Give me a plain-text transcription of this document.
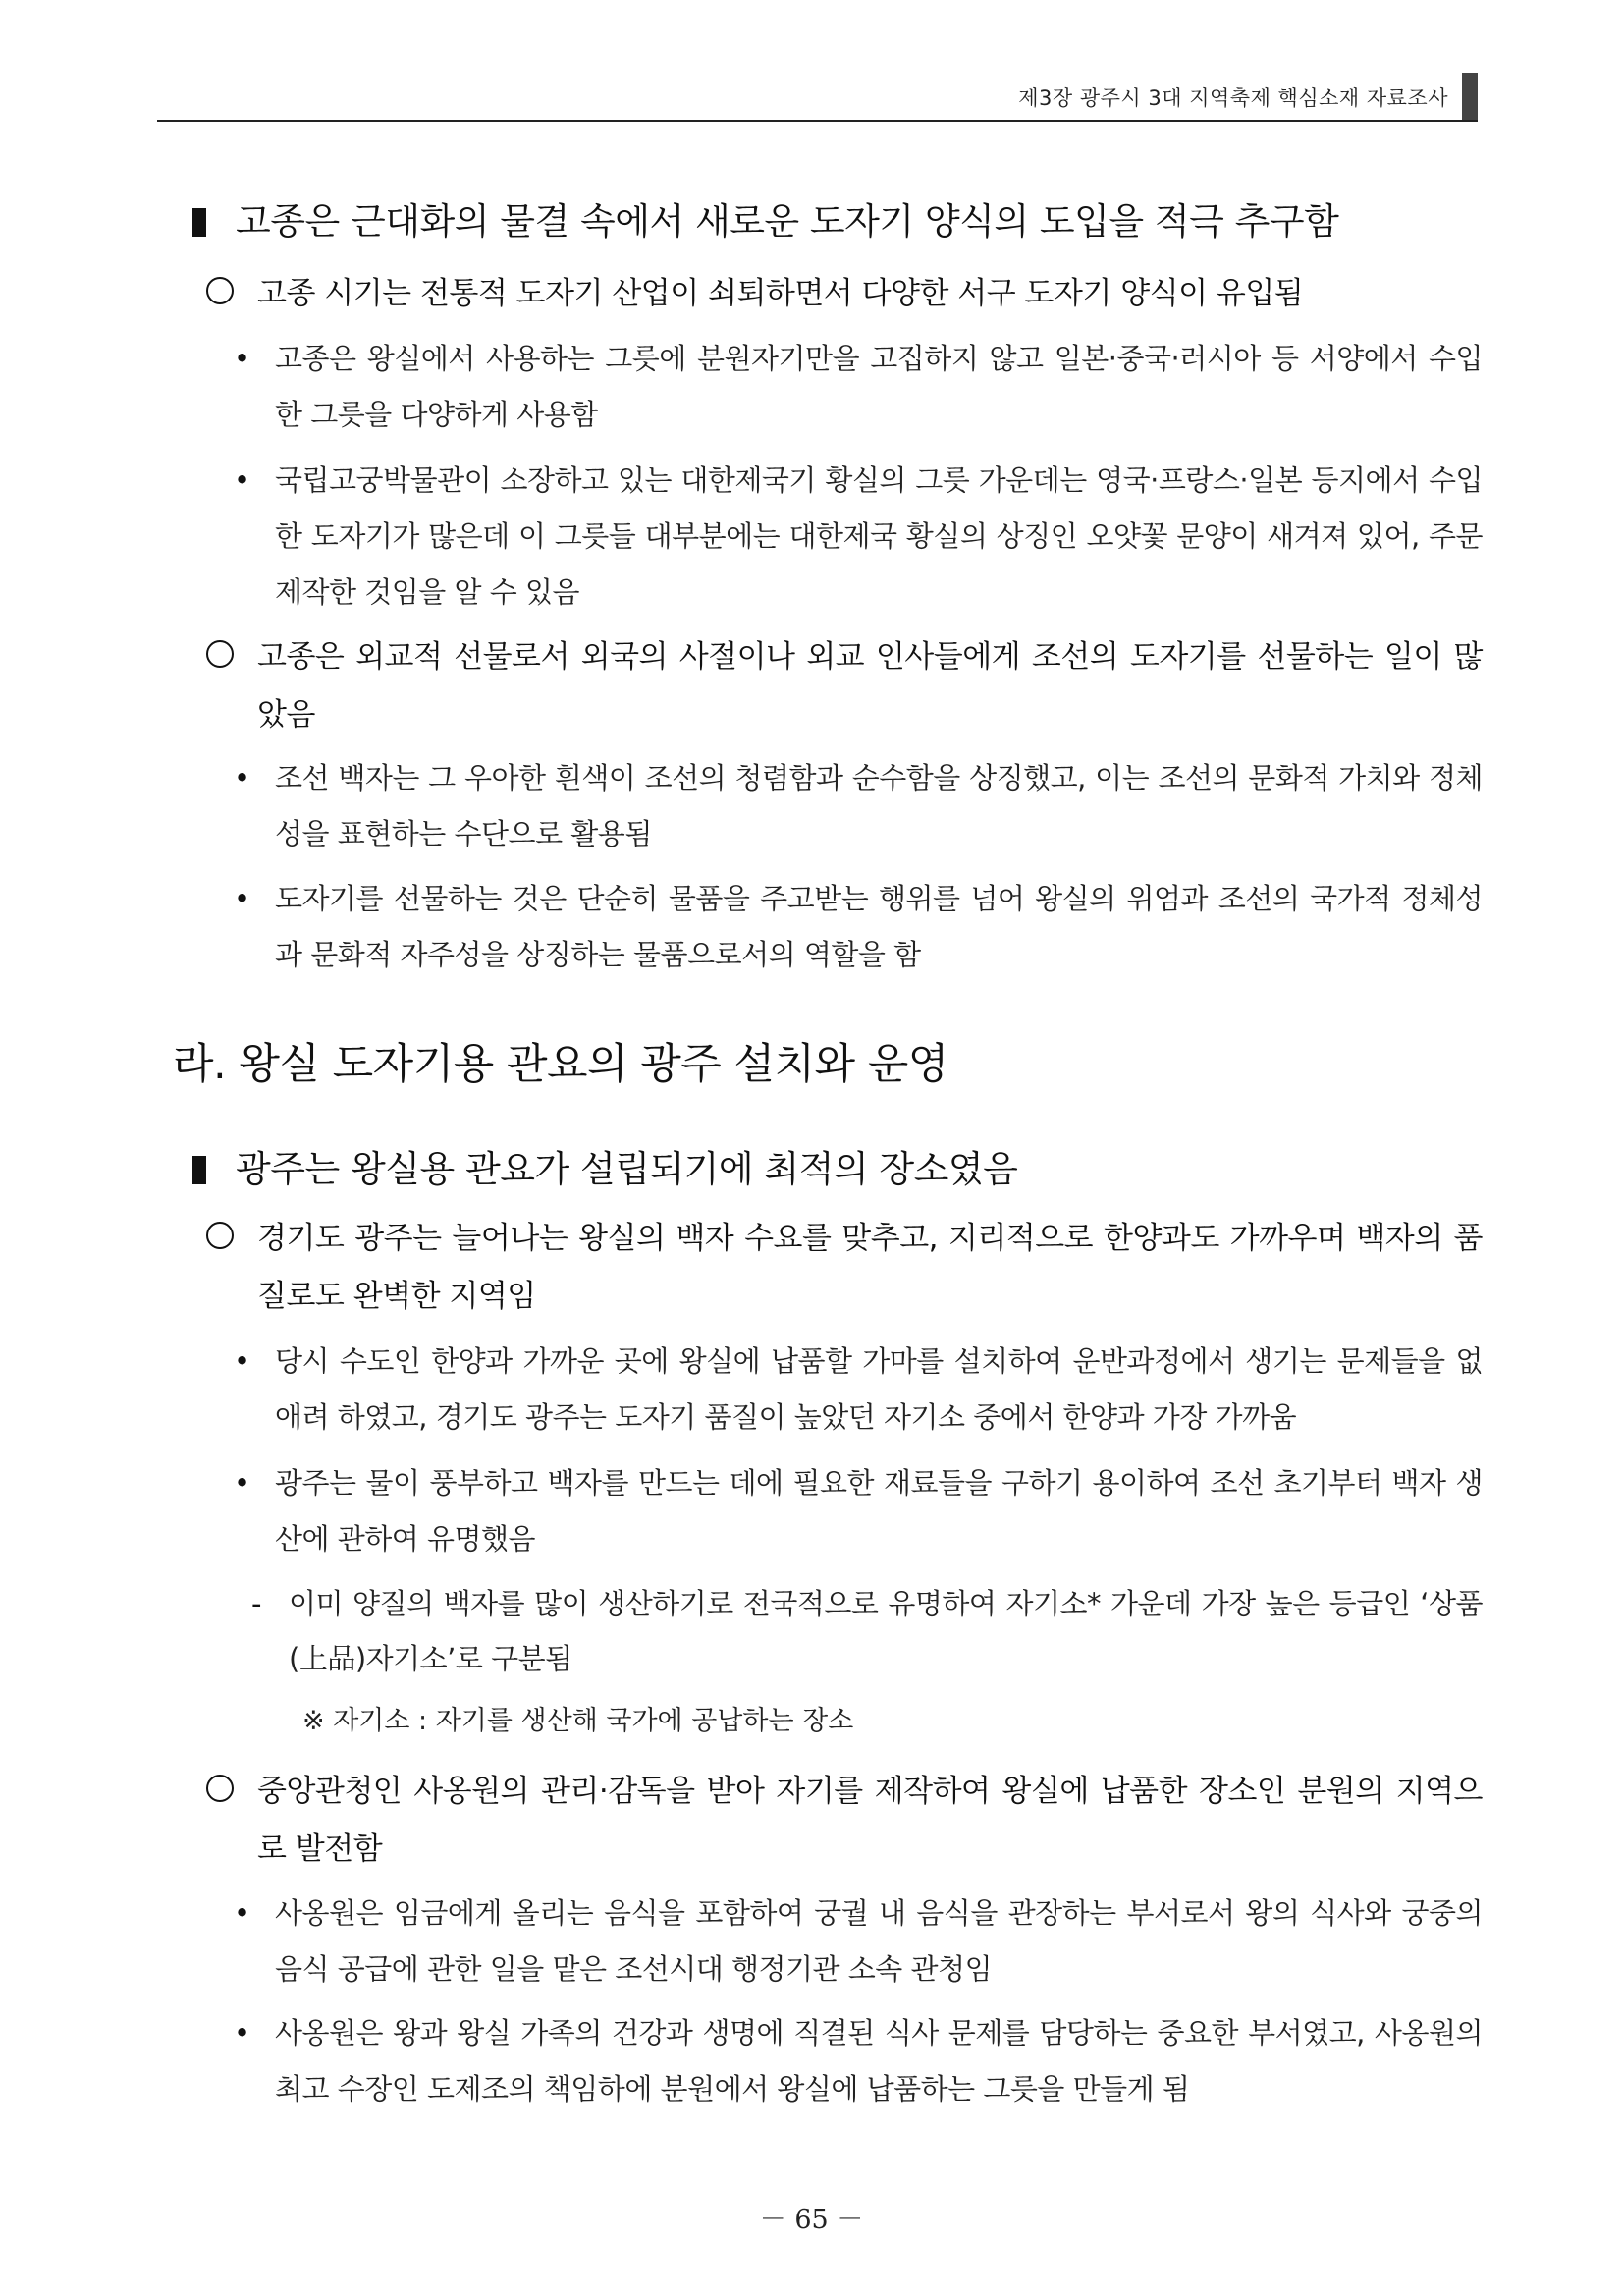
제3장 광주시 3대 지역축제 핵심소재 자료조사
고종은 근대화의 물결 속에서 새로운 도자기 양식의 도입을 적극 추구함
고종 시기는 전통적 도자기 산업이 쇠퇴하면서 다양한 서구 도자기 양식이 유입됨
• 고종은 왕실에서 사용하는 그릇에 분원자기만을 고집하지 않고 일본·중국·러시아 등 서양에서 수입한 그릇을 다양하게 사용함
• 국립고궁박물관이 소장하고 있는 대한제국기 황실의 그릇 가운데는 영국·프랑스·일본 등지에서 수입한 도자기가 많은데 이 그릇들 대부분에는 대한제국 황실의 상징인 오얏꽃 문양이 새겨져 있어, 주문 제작한 것임을 알 수 있음
고종은 외교적 선물로서 외국의 사절이나 외교 인사들에게 조선의 도자기를 선물하는 일이 많았음
• 조선 백자는 그 우아한 흰색이 조선의 청렴함과 순수함을 상징했고, 이는 조선의 문화적 가치와 정체성을 표현하는 수단으로 활용됨
• 도자기를 선물하는 것은 단순히 물품을 주고받는 행위를 넘어 왕실의 위엄과 조선의 국가적 정체성과 문화적 자주성을 상징하는 물품으로서의 역할을 함
라. 왕실 도자기용 관요의 광주 설치와 운영
광주는 왕실용 관요가 설립되기에 최적의 장소였음
경기도 광주는 늘어나는 왕실의 백자 수요를 맞추고, 지리적으로 한양과도 가까우며 백자의 품질로도 완벽한 지역임
• 당시 수도인 한양과 가까운 곳에 왕실에 납품할 가마를 설치하여 운반과정에서 생기는 문제들을 없애려 하였고, 경기도 광주는 도자기 품질이 높았던 자기소 중에서 한양과 가장 가까움
• 광주는 물이 풍부하고 백자를 만드는 데에 필요한 재료들을 구하기 용이하여 조선 초기부터 백자 생산에 관하여 유명했음
- 이미 양질의 백자를 많이 생산하기로 전국적으로 유명하여 자기소* 가운데 가장 높은 등급인 ‘상품(上品)자기소’로 구분됨
※ 자기소 : 자기를 생산해 국가에 공납하는 장소
중앙관청인 사옹원의 관리·감독을 받아 자기를 제작하여 왕실에 납품한 장소인 분원의 지역으로 발전함
• 사옹원은 임금에게 올리는 음식을 포함하여 궁궐 내 음식을 관장하는 부서로서 왕의 식사와 궁중의 음식 공급에 관한 일을 맡은 조선시대 행정기관 소속 관청임
• 사옹원은 왕과 왕실 가족의 건강과 생명에 직결된 식사 문제를 담당하는 중요한 부서였고, 사옹원의 최고 수장인 도제조의 책임하에 분원에서 왕실에 납품하는 그릇을 만들게 됨
－ 65 －
